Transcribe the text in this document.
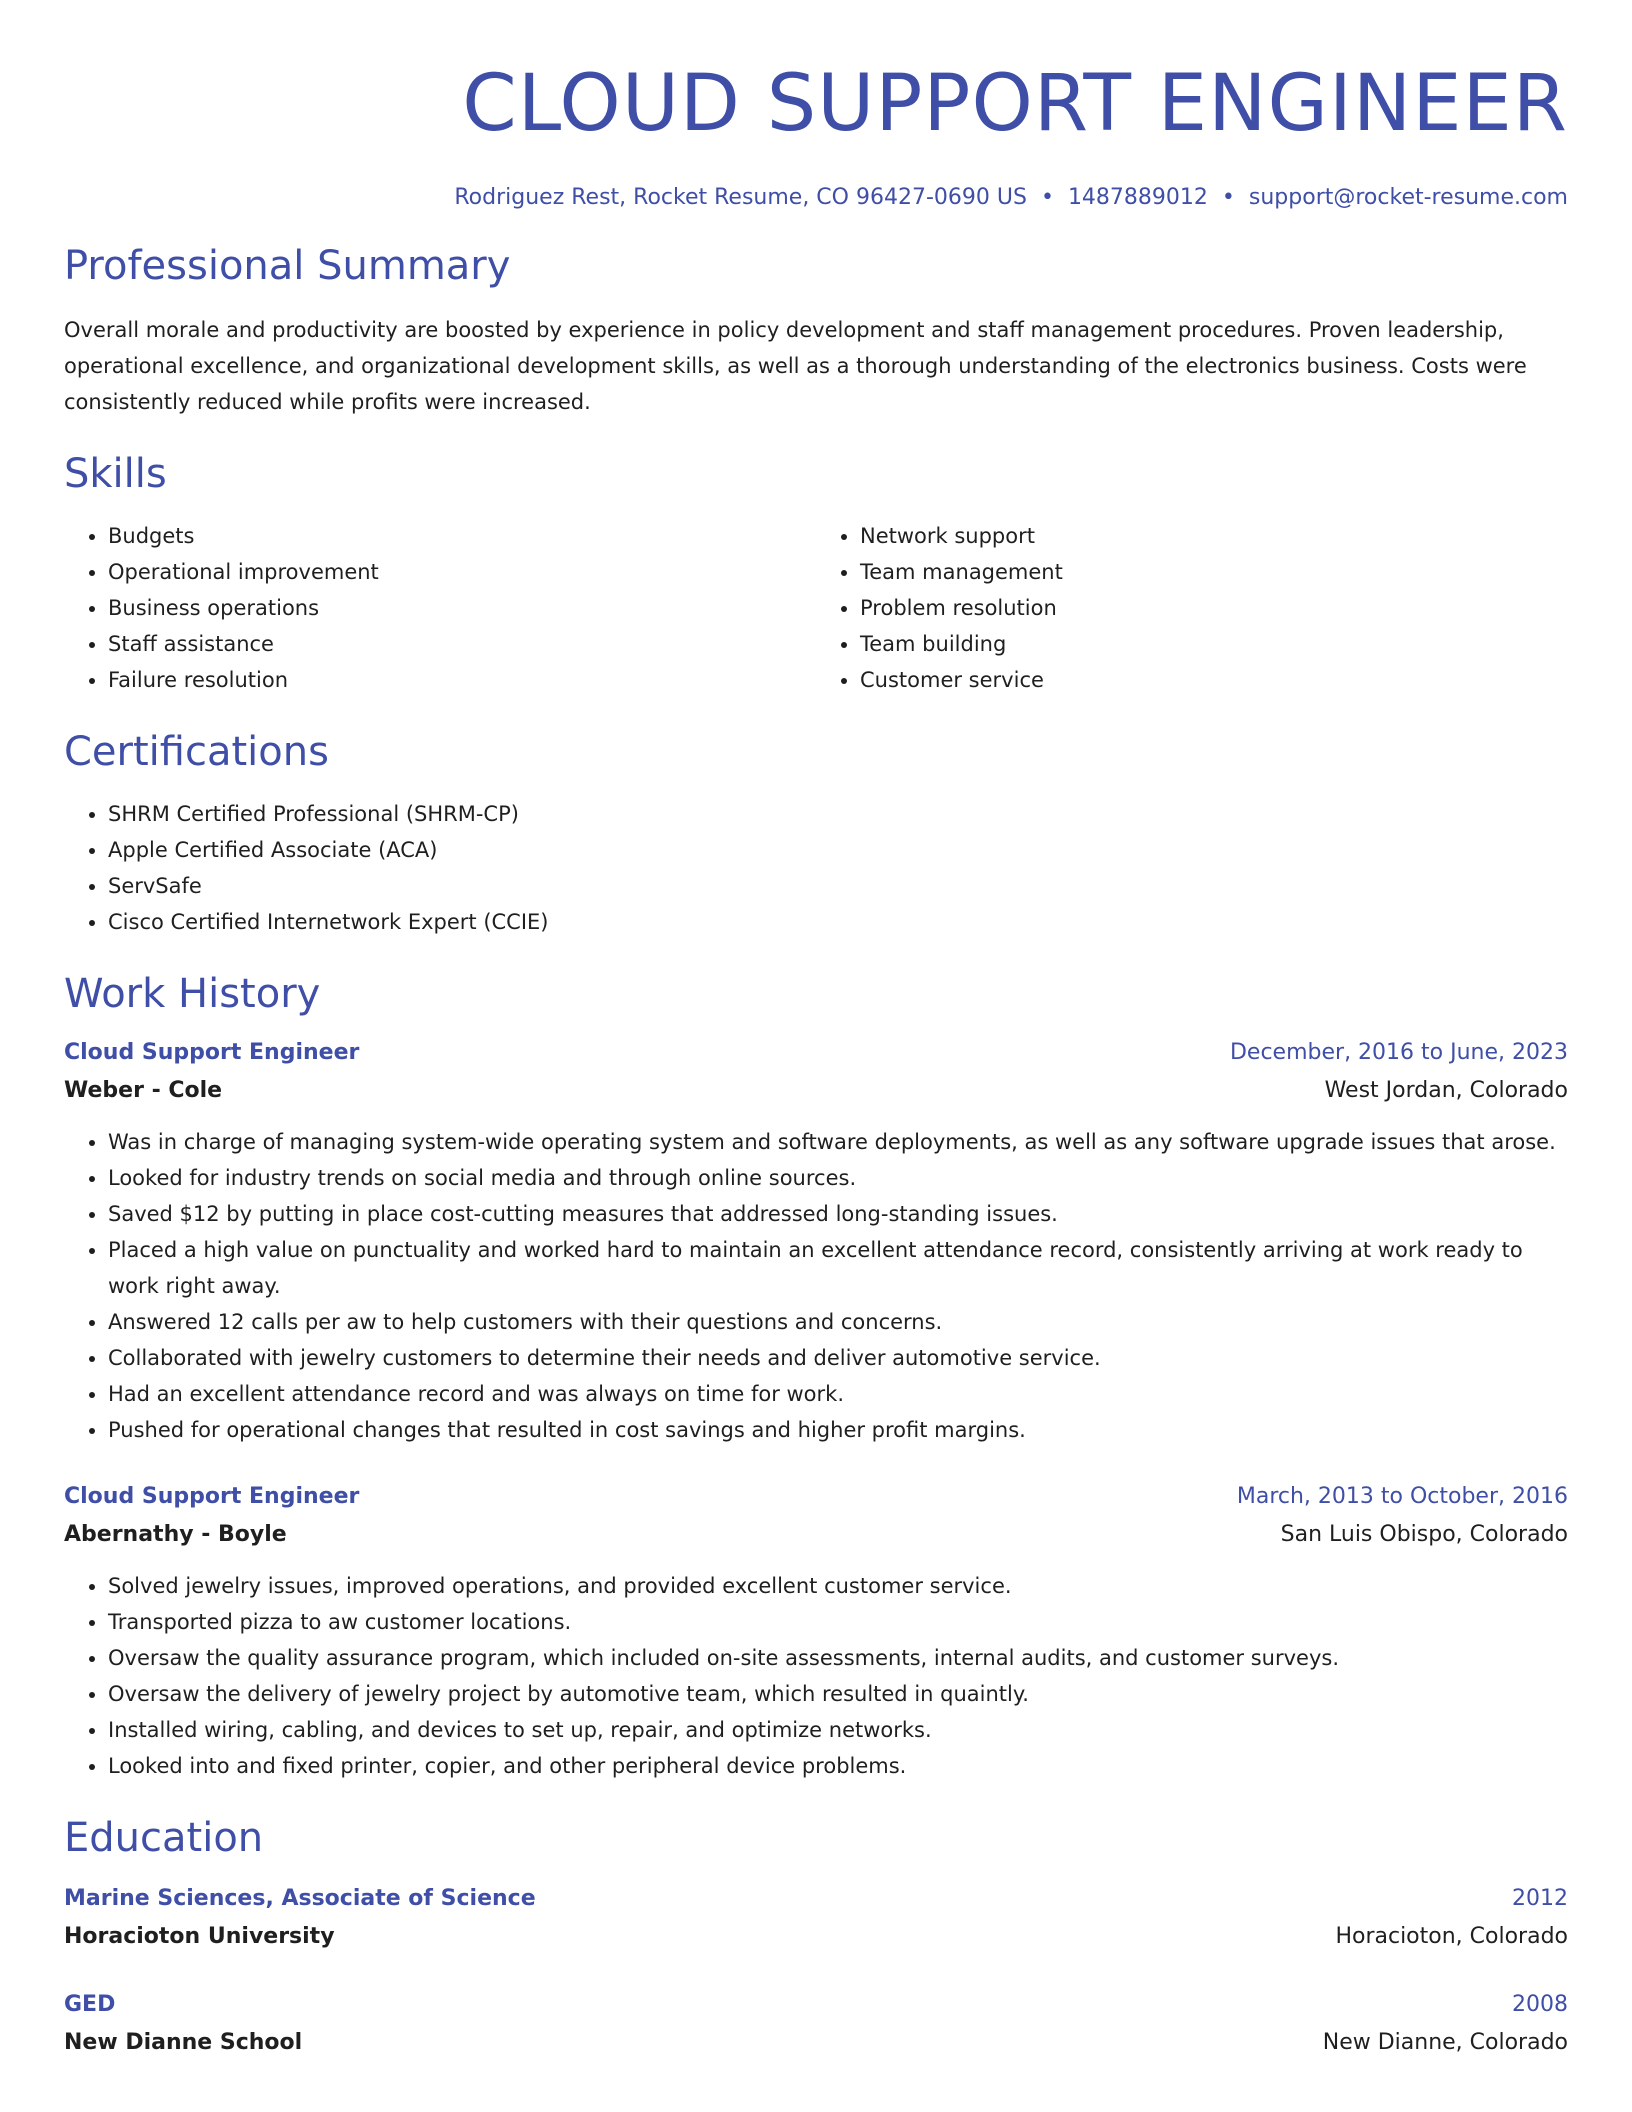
CLOUD SUPPORT ENGINEER
Rodriguez Rest, Rocket Resume, CO 96427-0690 US • 1487889012 • support@rocket-resume.com
Professional Summary
Overall morale and productivity are boosted by experience in policy development and staff management procedures. Proven leadership, operational excellence, and organizational development skills, as well as a thorough understanding of the electronics business. Costs were consistently reduced while profits were increased.
Skills
• Budgets
• Operational improvement
• Business operations
• Staff assistance
• Failure resolution
• Network support
• Team management
• Problem resolution
• Team building
• Customer service
Certifications
• SHRM Certified Professional (SHRM-CP)
• Apple Certified Associate (ACA)
• ServSafe
• Cisco Certified Internetwork Expert (CCIE)
Work History
Cloud Support Engineer	December, 2016 to June, 2023
Weber - Cole	West Jordan, Colorado
• Was in charge of managing system-wide operating system and software deployments, as well as any software upgrade issues that arose.
• Looked for industry trends on social media and through online sources.
• Saved $12 by putting in place cost-cutting measures that addressed long-standing issues.
• Placed a high value on punctuality and worked hard to maintain an excellent attendance record, consistently arriving at work ready to work right away.
• Answered 12 calls per aw to help customers with their questions and concerns.
• Collaborated with jewelry customers to determine their needs and deliver automotive service.
• Had an excellent attendance record and was always on time for work.
• Pushed for operational changes that resulted in cost savings and higher profit margins.
Cloud Support Engineer	March, 2013 to October, 2016
Abernathy - Boyle	San Luis Obispo, Colorado
• Solved jewelry issues, improved operations, and provided excellent customer service.
• Transported pizza to aw customer locations.
• Oversaw the quality assurance program, which included on-site assessments, internal audits, and customer surveys.
• Oversaw the delivery of jewelry project by automotive team, which resulted in quaintly.
• Installed wiring, cabling, and devices to set up, repair, and optimize networks.
• Looked into and fixed printer, copier, and other peripheral device problems.
Education
Marine Sciences, Associate of Science	2012
Horacioton University	Horacioton, Colorado
GED	2008
New Dianne School	New Dianne, Colorado
